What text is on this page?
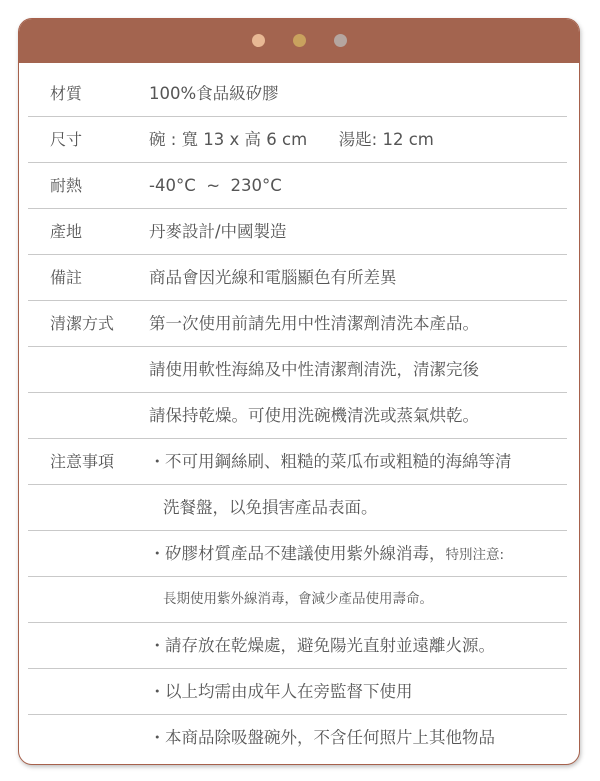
材質	100%食品級矽膠
尺寸	碗 : 寬 13 x 高 6 cm      湯匙: 12 cm
耐熱	-40°C  ~  230°C
產地	丹麥設計/中國製造
備註	商品會因光線和電腦顯色有所差異
清潔方式 第一次使用前請先用中性清潔劑清洗本產品。
請使用軟性海綿及中性清潔劑清洗，清潔完後
請保持乾燥。可使用洗碗機清洗或蒸氣烘乾。
注意事項 ・不可用鋼絲刷、粗糙的菜瓜布或粗糙的海綿等清
洗餐盤，以免損害產品表面。
・矽膠材質產品不建議使用紫外線消毒，特別注意:
長期使用紫外線消毒，會減少產品使用壽命。
・請存放在乾燥處，避免陽光直射並遠離火源。
・以上均需由成年人在旁監督下使用
・本商品除吸盤碗外，不含任何照片上其他物品
